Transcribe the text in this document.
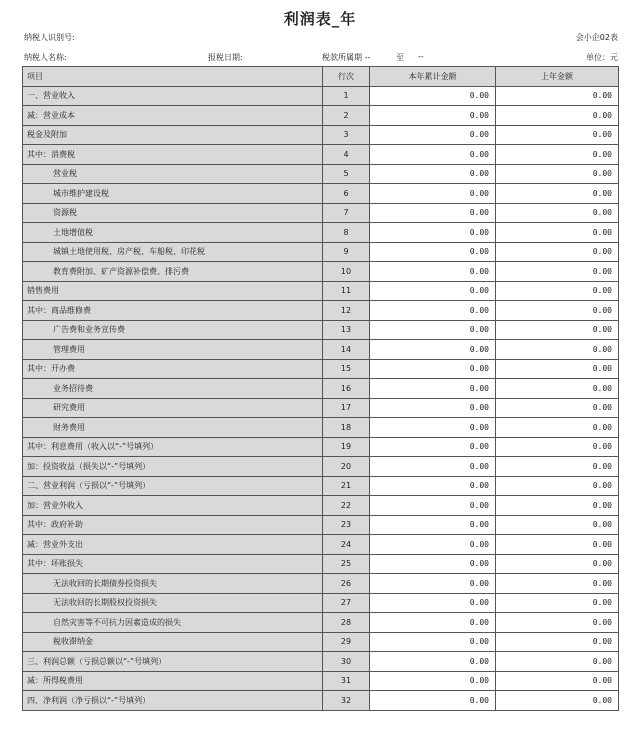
利润表_年
纳税人识别号:	会小企02表
纳税人名称:	报税日期:	税款所属期 --	至 --	单位：元
项目	行次	本年累计金额	上年金额
一、营业收入	1	0.00	0.00
减：营业成本	2	0.00	0.00
税金及附加	3	0.00	0.00
其中：消费税	4	0.00	0.00
营业税	5	0.00	0.00
城市维护建设税	6	0.00	0.00
资源税	7	0.00	0.00
土地增值税	8	0.00	0.00
城镇土地使用税、房产税、车船税、印花税	9	0.00	0.00
教育费附加、矿产资源补偿费、排污费	10	0.00	0.00
销售费用	11	0.00	0.00
其中：商品维修费	12	0.00	0.00
广告费和业务宣传费	13	0.00	0.00
管理费用	14	0.00	0.00
其中：开办费	15	0.00	0.00
业务招待费	16	0.00	0.00
研究费用	17	0.00	0.00
财务费用	18	0.00	0.00
其中：利息费用（收入以“-”号填列）	19	0.00	0.00
加：投资收益（损失以“-”号填列）	20	0.00	0.00
二、营业利润（亏损以“-”号填列）	21	0.00	0.00
加：营业外收入	22	0.00	0.00
其中：政府补助	23	0.00	0.00
减：营业外支出	24	0.00	0.00
其中：坏账损失	25	0.00	0.00
无法收回的长期债券投资损失	26	0.00	0.00
无法收回的长期股权投资损失	27	0.00	0.00
自然灾害等不可抗力因素造成的损失	28	0.00	0.00
税收滞纳金	29	0.00	0.00
三、利润总额（亏损总额以“-”号填列）	30	0.00	0.00
减：所得税费用	31	0.00	0.00
四、净利润（净亏损以“-”号填列）	32	0.00	0.00
